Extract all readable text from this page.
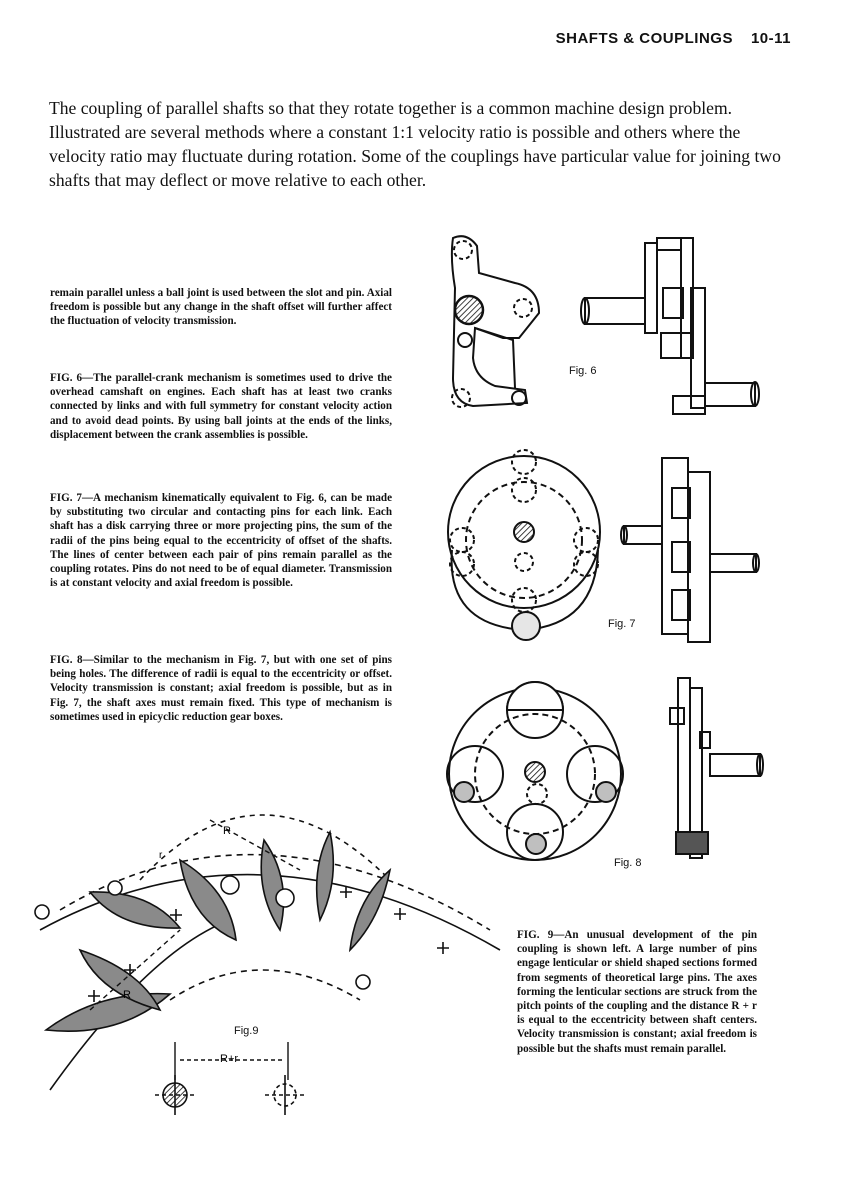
SHAFTS & COUPLINGS 10-11

The coupling of parallel shafts so that they rotate together is a common machine design problem. Illustrated are several methods where a constant 1:1 velocity ratio is possible and others where the velocity ratio may fluctuate during rotation. Some of the couplings have particular value for joining two shafts that may deflect or move relative to each other.

remain parallel unless a ball joint is used between the slot and pin. Axial freedom is possible but any change in the shaft offset will further affect the fluctuation of velocity transmission.

FIG. 6—The parallel-crank mechanism is sometimes used to drive the overhead camshaft on engines. Each shaft has at least two cranks connected by links and with full symmetry for constant velocity action and to avoid dead points. By using ball joints at the ends of the links, displacement between the crank assemblies is possible.

FIG. 7—A mechanism kinematically equivalent to Fig. 6, can be made by substituting two circular and contacting pins for each link. Each shaft has a disk carrying three or more projecting pins, the sum of the radii of the pins being equal to the eccentricity of offset of the shafts. The lines of center between each pair of pins remain parallel as the coupling rotates. Pins do not need to be of equal diameter. Transmission is at constant velocity and axial freedom is possible.

FIG. 8—Similar to the mechanism in Fig. 7, but with one set of pins being holes. The difference of radii is equal to the eccentricity or offset. Velocity transmission is constant; axial freedom is possible, but as in Fig. 7, the shaft axes must remain fixed. This type of mechanism is sometimes used in epicyclic reduction gear boxes.

FIG. 9—An unusual development of the pin coupling is shown left. A large number of pins engage lenticular or shield shaped sections formed from segments of theoretical large pins. The axes forming the lenticular sections are struck from the pitch points of the coupling and the distance R + r is equal to the eccentricity between shaft centers. Velocity transmission is constant; axial freedom is possible but the shafts must remain parallel.

Fig. 6
Fig. 7
Fig. 8
R
r
R
R+r
Fig.9
